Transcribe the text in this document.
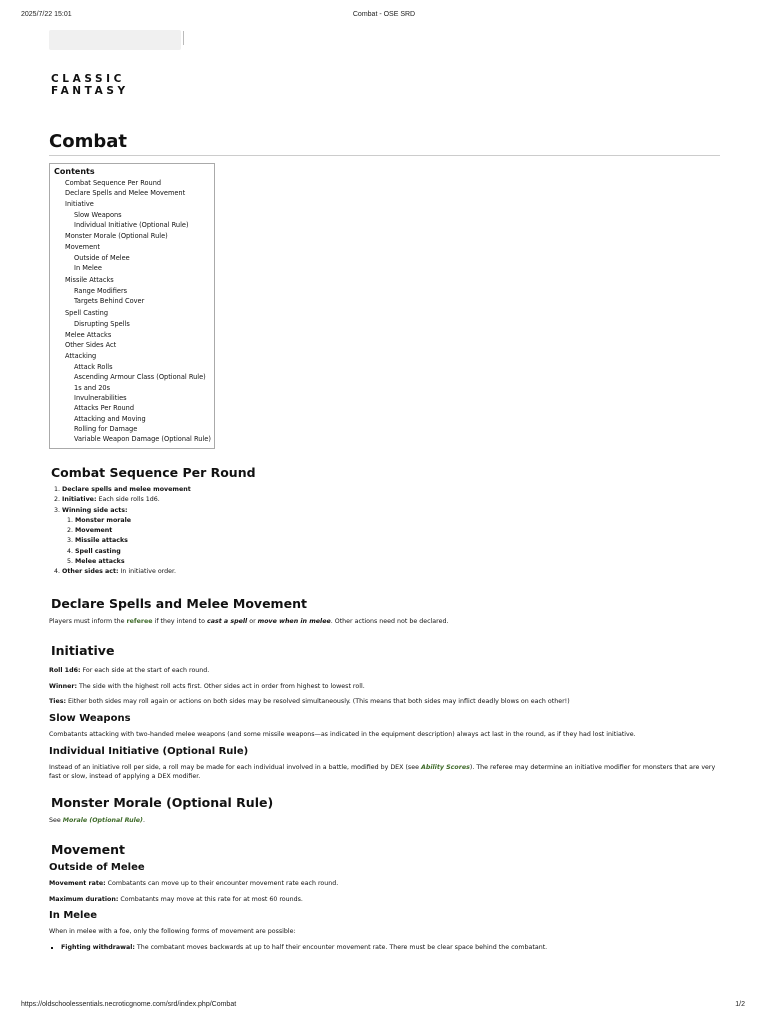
2025/7/22 15:01	Combat - OSE SRD
CLASSIC FANTASY
Combat
Contents
Combat Sequence Per Round
Declare Spells and Melee Movement
Initiative
Slow Weapons
Individual Initiative (Optional Rule)
Monster Morale (Optional Rule)
Movement
Outside of Melee
In Melee
Missile Attacks
Range Modifiers
Targets Behind Cover
Spell Casting
Disrupting Spells
Melee Attacks
Other Sides Act
Attacking
Attack Rolls
Ascending Armour Class (Optional Rule)
1s and 20s
Invulnerabilities
Attacks Per Round
Attacking and Moving
Rolling for Damage
Variable Weapon Damage (Optional Rule)
Combat Sequence Per Round
1. Declare spells and melee movement
2. Initiative: Each side rolls 1d6.
3. Winning side acts:
1. Monster morale
2. Movement
3. Missile attacks
4. Spell casting
5. Melee attacks
4. Other sides act: In initiative order.
Declare Spells and Melee Movement

Players must inform the referee if they intend to cast a spell or move when in melee. Other actions need not be declared.

Initiative

Roll 1d6: For each side at the start of each round.

Winner: The side with the highest roll acts first. Other sides act in order from highest to lowest roll.

Ties: Either both sides may roll again or actions on both sides may be resolved simultaneously. (This means that both sides may inflict deadly blows on each other!)

Slow Weapons

Combatants attacking with two-handed melee weapons (and some missile weapons—as indicated in the equipment description) always act last in the round, as if they had lost initiative.

Individual Initiative (Optional Rule)

Instead of an initiative roll per side, a roll may be made for each individual involved in a battle, modified by DEX (see Ability Scores). The referee may determine an initiative modifier for monsters that are very fast or slow, instead of applying a DEX modifier.

Monster Morale (Optional Rule)

See Morale (Optional Rule).

Movement
Outside of Melee

Movement rate: Combatants can move up to their encounter movement rate each round.

Maximum duration: Combatants may move at this rate for at most 60 rounds.

In Melee

When in melee with a foe, only the following forms of movement are possible:

▪ Fighting withdrawal: The combatant moves backwards at up to half their encounter movement rate. There must be clear space behind the combatant.
https://oldschoolessentials.necroticgnome.com/srd/index.php/Combat	1/2
